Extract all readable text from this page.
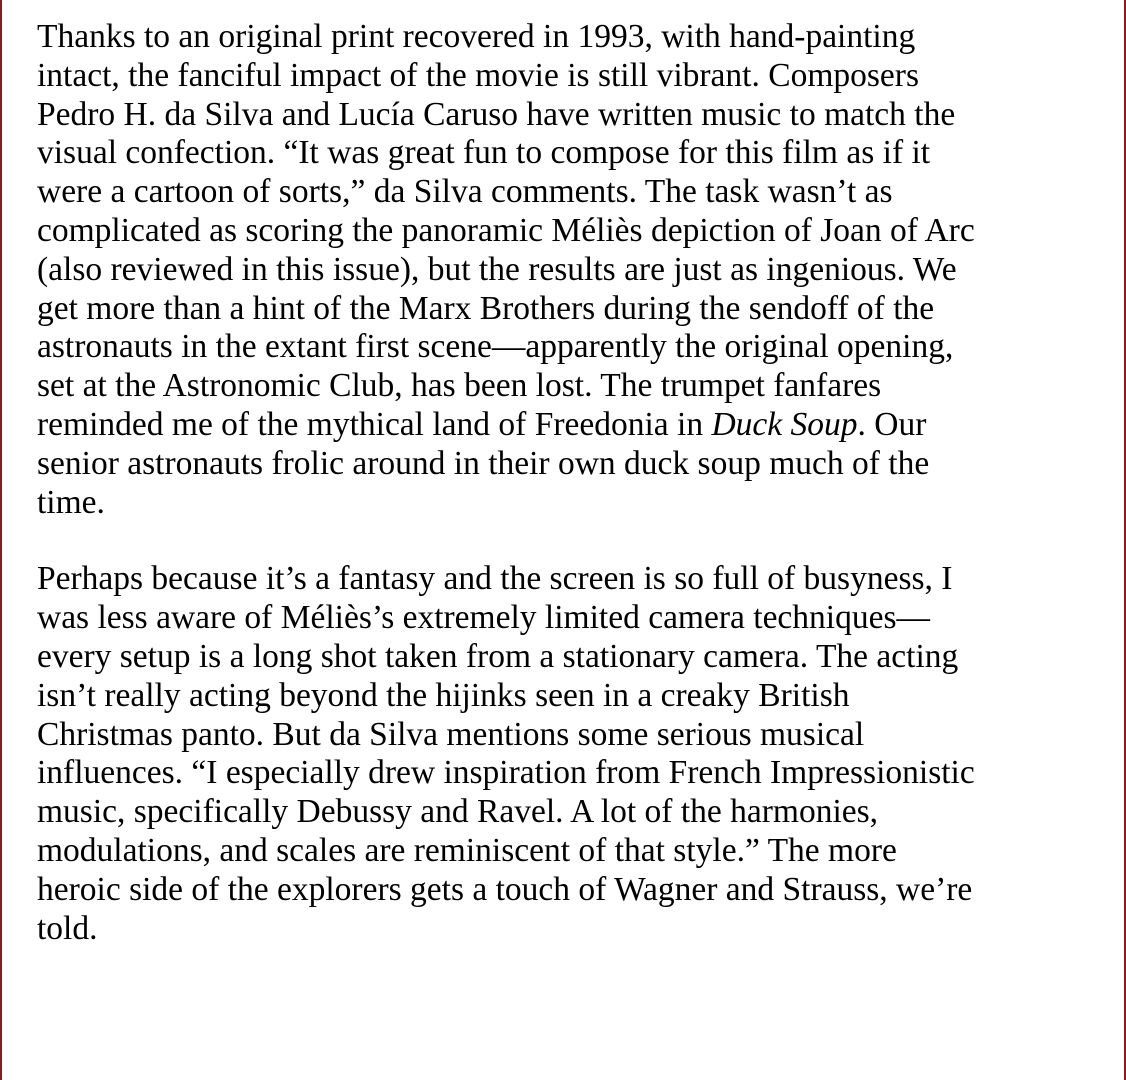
Thanks to an original print recovered in 1993, with hand-painting
intact, the fanciful impact of the movie is still vibrant. Composers
Pedro H. da Silva and Lucía Caruso have written music to match the
visual confection. “It was great fun to compose for this film as if it
were a cartoon of sorts,” da Silva comments. The task wasn’t as
complicated as scoring the panoramic Méliès depiction of Joan of Arc
(also reviewed in this issue), but the results are just as ingenious. We
get more than a hint of the Marx Brothers during the sendoff of the
astronauts in the extant first scene—apparently the original opening,
set at the Astronomic Club, has been lost. The trumpet fanfares
reminded me of the mythical land of Freedonia in Duck Soup. Our
senior astronauts frolic around in their own duck soup much of the
time.

Perhaps because it’s a fantasy and the screen is so full of busyness, I
was less aware of Méliès’s extremely limited camera techniques—
every setup is a long shot taken from a stationary camera. The acting
isn’t really acting beyond the hijinks seen in a creaky British
Christmas panto. But da Silva mentions some serious musical
influences. “I especially drew inspiration from French Impressionistic
music, specifically Debussy and Ravel. A lot of the harmonies,
modulations, and scales are reminiscent of that style.” The more
heroic side of the explorers gets a touch of Wagner and Strauss, we’re
told.
